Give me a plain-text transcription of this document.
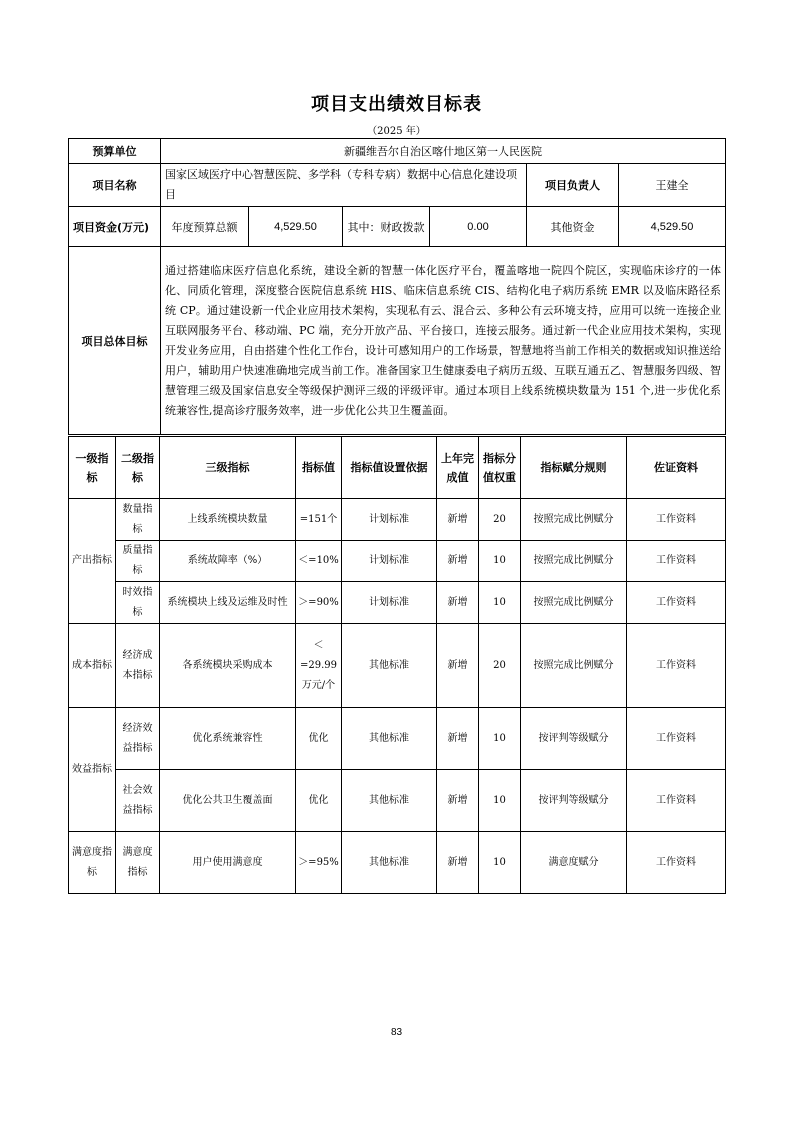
项目支出绩效目标表
（2025 年）
预算单位	新疆维吾尔自治区喀什地区第一人民医院					
项目名称	国家区域医疗中心智慧医院、多学科（专科专病）数据中心信息化建设项目				项目负责人	王建全
项目资金(万元)	年度预算总额	4,529.50	其中：财政拨款	0.00	其他资金	4,529.50
项目总体目标	通过搭建临床医疗信息化系统，建设全新的智慧一体化医疗平台，覆盖喀地一院四个院区，实现临床诊疗的一体化、同质化管理，深度整合医院信息系统 HIS、临床信息系统 CIS、结构化电子病历系统 EMR 以及临床路径系统 CP。通过建设新一代企业应用技术架构，实现私有云、混合云、多种公有云环境支持，应用可以统一连接企业互联网服务平台、移动端、PC 端，充分开放产品、平台接口，连接云服务。通过新一代企业应用技术架构，实现开发业务应用，自由搭建个性化工作台，设计可感知用户的工作场景，智慧地将当前工作相关的数据或知识推送给用户，辅助用户快速准确地完成当前工作。准备国家卫生健康委电子病历五级、互联互通五乙、智慧服务四级、智慧管理三级及国家信息安全等级保护测评三级的评级评审。通过本项目上线系统模块数量为 151 个,进一步优化系统兼容性,提高诊疗服务效率，进一步优化公共卫生覆盖面。					
一级指标	二级指标	三级指标	指标值	指标值设置依据	上年完成值	指标分值权重	指标赋分规则	佐证资料
产出指标	数量指标	上线系统模块数量	=151个	计划标准	新增	20	按照完成比例赋分	工作资料
	质量指标	系统故障率（%）	＜=10%	计划标准	新增	10	按照完成比例赋分	工作资料
	时效指标	系统模块上线及运维及时性	＞=90%	计划标准	新增	10	按照完成比例赋分	工作资料
成本指标	经济成本指标	各系统模块采购成本	＜=29.99万元/个	其他标准	新增	20	按照完成比例赋分	工作资料
效益指标	经济效益指标	优化系统兼容性	优化	其他标准	新增	10	按评判等级赋分	工作资料
	社会效益指标	优化公共卫生覆盖面	优化	其他标准	新增	10	按评判等级赋分	工作资料
满意度指标	满意度指标	用户使用满意度	＞=95%	其他标准	新增	10	满意度赋分	工作资料
83
